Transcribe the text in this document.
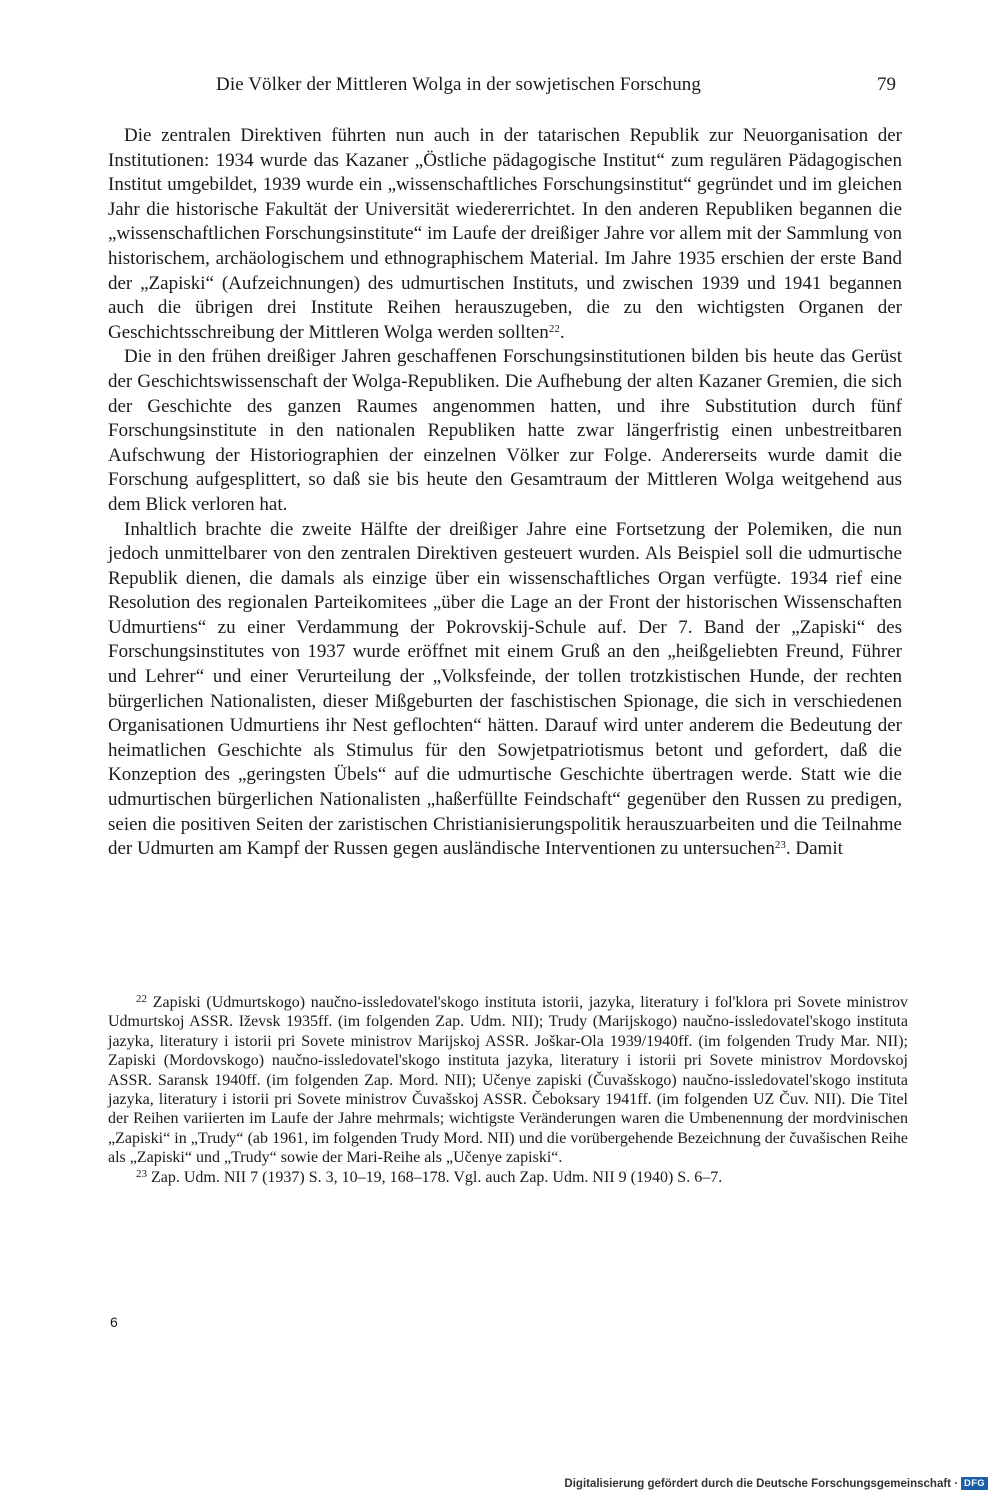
Die Völker der Mittleren Wolga in der sowjetischen Forschung	79

Die zentralen Direktiven führten nun auch in der tatarischen Republik zur Neuorganisation der Institutionen: 1934 wurde das Kazaner „Östliche pädagogische Institut“ zum regulären Pädagogischen Institut umgebildet, 1939 wurde ein „wissenschaftliches Forschungsinstitut“ gegründet und im gleichen Jahr die historische Fakultät der Universität wiedererrichtet. In den anderen Republiken begannen die „wissenschaftlichen Forschungsinstitute“ im Laufe der dreißiger Jahre vor allem mit der Sammlung von historischem, archäologischem und ethnographischem Material. Im Jahre 1935 erschien der erste Band der „Zapiski“ (Aufzeichnungen) des udmurtischen Instituts, und zwischen 1939 und 1941 begannen auch die übrigen drei Institute Reihen herauszugeben, die zu den wichtigsten Organen der Geschichtsschreibung der Mittleren Wolga werden sollten$^{22}$.

Die in den frühen dreißiger Jahren geschaffenen Forschungsinstitutionen bilden bis heute das Gerüst der Geschichtswissenschaft der Wolga-Republiken. Die Aufhebung der alten Kazaner Gremien, die sich der Geschichte des ganzen Raumes angenommen hatten, und ihre Substitution durch fünf Forschungsinstitute in den nationalen Republiken hatte zwar längerfristig einen unbestreitbaren Aufschwung der Historiographien der einzelnen Völker zur Folge. Andererseits wurde damit die Forschung aufgesplittert, so daß sie bis heute den Gesamtraum der Mittleren Wolga weitgehend aus dem Blick verloren hat.

Inhaltlich brachte die zweite Hälfte der dreißiger Jahre eine Fortsetzung der Polemiken, die nun jedoch unmittelbarer von den zentralen Direktiven gesteuert wurden. Als Beispiel soll die udmurtische Republik dienen, die damals als einzige über ein wissenschaftliches Organ verfügte. 1934 rief eine Resolution des regionalen Parteikomitees „über die Lage an der Front der historischen Wissenschaften Udmurtiens“ zu einer Verdammung der Pokrovskij-Schule auf. Der 7. Band der „Zapiski“ des Forschungsinstitutes von 1937 wurde eröffnet mit einem Gruß an den „heißgeliebten Freund, Führer und Lehrer“ und einer Verurteilung der „Volksfeinde, der tollen trotzkistischen Hunde, der rechten bürgerlichen Nationalisten, dieser Mißgeburten der faschistischen Spionage, die sich in verschiedenen Organisationen Udmurtiens ihr Nest geflochten“ hätten. Darauf wird unter anderem die Bedeutung der heimatlichen Geschichte als Stimulus für den Sowjetpatriotismus betont und gefordert, daß die Konzeption des „geringsten Übels“ auf die udmurtische Geschichte übertragen werde. Statt wie die udmurtischen bürgerlichen Nationalisten „haßerfüllte Feindschaft“ gegenüber den Russen zu predigen, seien die positiven Seiten der zaristischen Christianisierungspolitik herauszuarbeiten und die Teilnahme der Udmurten am Kampf der Russen gegen ausländische Interventionen zu untersuchen$^{23}$. Damit

$^{22}$ Zapiski (Udmurtskogo) naučno-issledovatel'skogo instituta istorii, jazyka, literatury i fol'klora pri Sovete ministrov Udmurtskoj ASSR. Iževsk 1935ff. (im folgenden Zap. Udm. NII); Trudy (Marijskogo) naučno-issledovatel'skogo instituta jazyka, literatury i istorii pri Sovete ministrov Marijskoj ASSR. Joškar-Ola 1939/1940ff. (im folgenden Trudy Mar. NII); Zapiski (Mordovskogo) naučno-issledovatel'skogo instituta jazyka, literatury i istorii pri Sovete ministrov Mordovskoj ASSR. Saransk 1940ff. (im folgenden Zap. Mord. NII); Učenye zapiski (Čuvašskogo) naučno-issledovatel'skogo instituta jazyka, literatury i istorii pri Sovete ministrov Čuvašskoj ASSR. Čeboksary 1941ff. (im folgenden UZ Čuv. NII). Die Titel der Reihen variierten im Laufe der Jahre mehrmals; wichtigste Veränderungen waren die Umbenennung der mordvinischen „Zapiski“ in „Trudy“ (ab 1961, im folgenden Trudy Mord. NII) und die vorübergehende Bezeichnung der čuvašischen Reihe als „Zapiski“ und „Trudy“ sowie der Mari-Reihe als „Učenye zapiski“.

$^{23}$ Zap. Udm. NII 7 (1937) S. 3, 10–19, 168–178. Vgl. auch Zap. Udm. NII 9 (1940) S. 6–7.

6
Digitalisierung gefördert durch die Deutsche Forschungsgemeinschaft · DFG
